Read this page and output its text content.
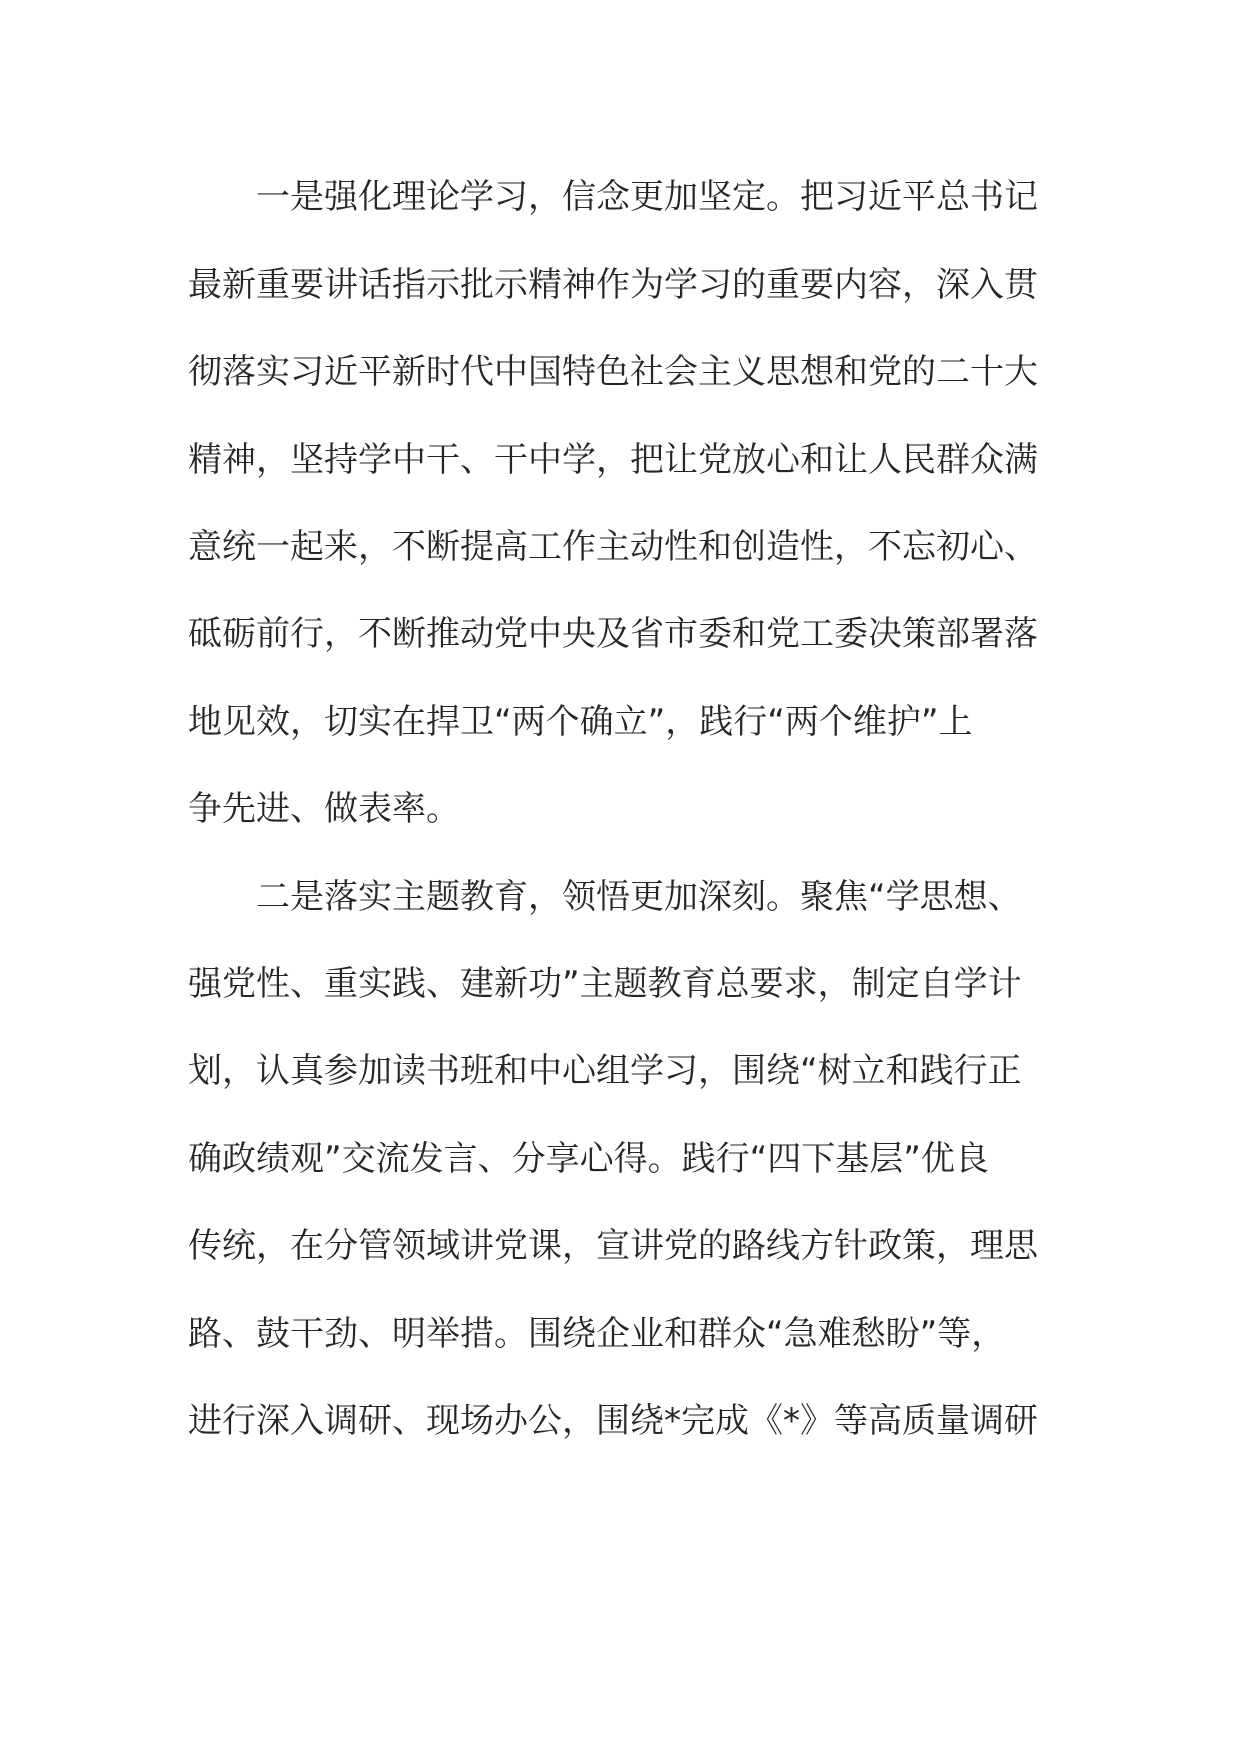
一是强化理论学习，信念更加坚定。把习近平总书记
最新重要讲话指示批示精神作为学习的重要内容，深入贯
彻落实习近平新时代中国特色社会主义思想和党的二十大
精神，坚持学中干、干中学，把让党放心和让人民群众满
意统一起来，不断提高工作主动性和创造性，不忘初心、
砥砺前行，不断推动党中央及省市委和党工委决策部署落
地见效，切实在捍卫“两个确立”，践行“两个维护”上
争先进、做表率。
二是落实主题教育，领悟更加深刻。聚焦“学思想、
强党性、重实践、建新功”主题教育总要求，制定自学计
划，认真参加读书班和中心组学习，围绕“树立和践行正
确政绩观”交流发言、分享心得。践行“四下基层”优良
传统，在分管领域讲党课，宣讲党的路线方针政策，理思
路、鼓干劲、明举措。围绕企业和群众“急难愁盼”等，
进行深入调研、现场办公，围绕*完成《*》等高质量调研
